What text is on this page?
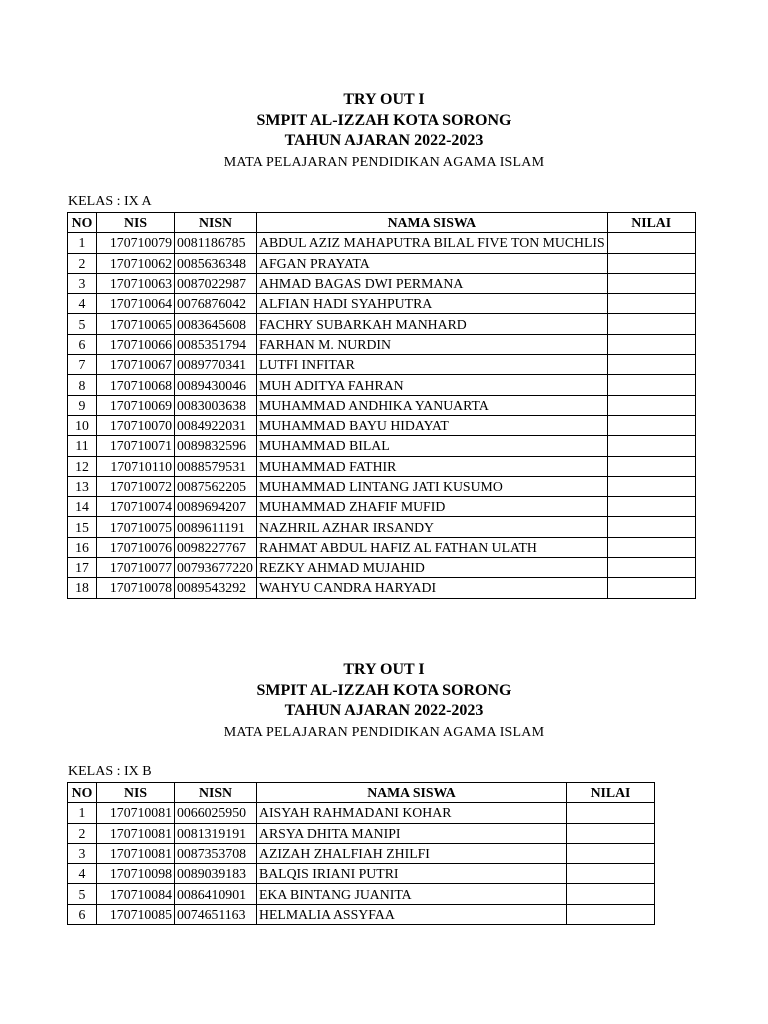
TRY OUT I
SMPIT AL-IZZAH KOTA SORONG
TAHUN AJARAN 2022-2023
MATA PELAJARAN PENDIDIKAN AGAMA ISLAM
KELAS : IX A
NO	NIS	NISN	NAMA SISWA	NILAI
1	170710079	0081186785	ABDUL AZIZ MAHAPUTRA BILAL FIVE TON MUCHLIS	
2	170710062	0085636348	AFGAN PRAYATA	
3	170710063	0087022987	AHMAD BAGAS DWI PERMANA	
4	170710064	0076876042	ALFIAN HADI SYAHPUTRA	
5	170710065	0083645608	FACHRY SUBARKAH MANHARD	
6	170710066	0085351794	FARHAN M. NURDIN	
7	170710067	0089770341	LUTFI INFITAR	
8	170710068	0089430046	MUH ADITYA FAHRAN	
9	170710069	0083003638	MUHAMMAD ANDHIKA YANUARTA	
10	170710070	0084922031	MUHAMMAD BAYU HIDAYAT	
11	170710071	0089832596	MUHAMMAD BILAL	
12	170710110	0088579531	MUHAMMAD FATHIR	
13	170710072	0087562205	MUHAMMAD LINTANG JATI KUSUMO	
14	170710074	0089694207	MUHAMMAD ZHAFIF MUFID	
15	170710075	0089611191	NAZHRIL AZHAR IRSANDY	
16	170710076	0098227767	RAHMAT ABDUL HAFIZ AL FATHAN ULATH	
17	170710077	00793677220	REZKY AHMAD MUJAHID	
18	170710078	0089543292	WAHYU CANDRA HARYADI	
TRY OUT I
SMPIT AL-IZZAH KOTA SORONG
TAHUN AJARAN 2022-2023
MATA PELAJARAN PENDIDIKAN AGAMA ISLAM
KELAS : IX B
NO	NIS	NISN	NAMA SISWA	NILAI
1	170710081	0066025950	AISYAH RAHMADANI KOHAR	
2	170710081	0081319191	ARSYA DHITA MANIPI	
3	170710081	0087353708	AZIZAH ZHALFIAH ZHILFI	
4	170710098	0089039183	BALQIS IRIANI PUTRI	
5	170710084	0086410901	EKA BINTANG JUANITA	
6	170710085	0074651163	HELMALIA ASSYFAA	
